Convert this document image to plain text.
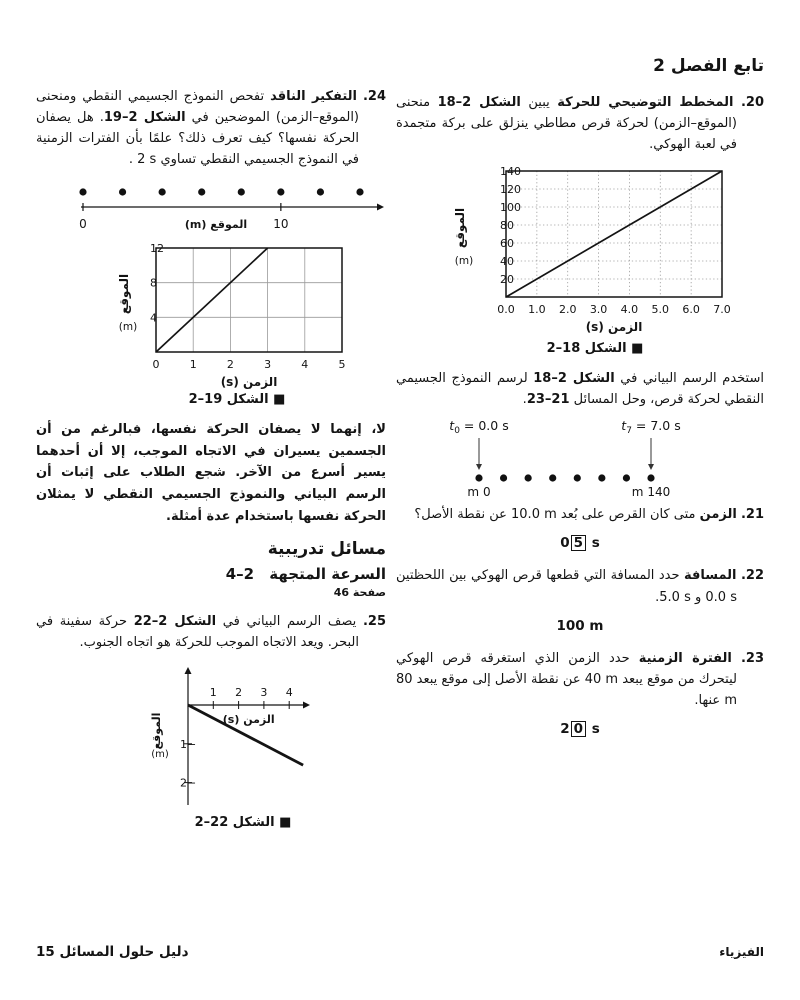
تابع الفصل 2
20. المخطط التوضيحي للحركة يبين الشكل 2–18 منحنى (الموقع–الزمن) لحركة قرص مطاطي ينزلق على بركة متجمدة في لعبة الهوكي.
0.0 1.0 2.0 3.0 4.0 5.0 6.0 7.0
20
40
60
80
100
120
140
الزمن (s)
الموقع
(m)
■ الشكل 2–18
استخدم الرسم البياني في الشكل 2–18 لرسم النموذج الجسيمي النقطي لحركة قرص، وحل المسائل 21–23.
$t_0 = 0.0$ s	$t_7 = 7.0$ s
0 m	140 m
21. الزمن متى كان القرص على بُعد 10.0 m عن نقطة الأصل؟
0 5 s
22. المسافة حدد المسافة التي قطعها قرص الهوكي بين اللحظتين 0.0 s و 5.0 s.
100 m
23. الفترة الزمنية حدد الزمن الذي استغرقه قرص الهوكي ليتحرك من موقع يبعد 40 m عن نقطة الأصل إلى موقع يبعد 80 m عنها.
2 0 s
24. التفكير الناقد تفحص النموذج الجسيمي النقطي ومنحنى (الموقع–الزمن) الموضحين في الشكل 2–19. هل يصفان الحركة نفسها؟ كيف تعرف ذلك؟ علمًا بأن الفترات الزمنية في النموذج الجسيمي النقطي تساوي 2 s .
0	10
الموقع (m)
0	1	2	3	4	5
4
8
12
الزمن (s)
الموقع
(m)
■ الشكل 2–19
لا، إنهما لا يصفان الحركة نفسها، فبالرغم من أن الجسمين يسيران في الاتجاه الموجب، إلا أن أحدهما يسير أسرع من الآخر. شجع الطلاب على إثبات أن الرسم البياني والنموذج الجسيمي النقطي لا يمثلان الحركة نفسها باستخدام عدة أمثلة.
مسائل تدريبية
السرعة المتجهة 4–2
صفحة 46
25. يصف الرسم البياني في الشكل 2–22 حركة سفينة في البحر. ويعد الاتجاه الموجب للحركة هو اتجاه الجنوب.
1 2 3 4
−1
−2
الزمن (s)
الموقع
(m)
■ الشكل 2–22
الفيزياء
دليل حلول المسائل 15
